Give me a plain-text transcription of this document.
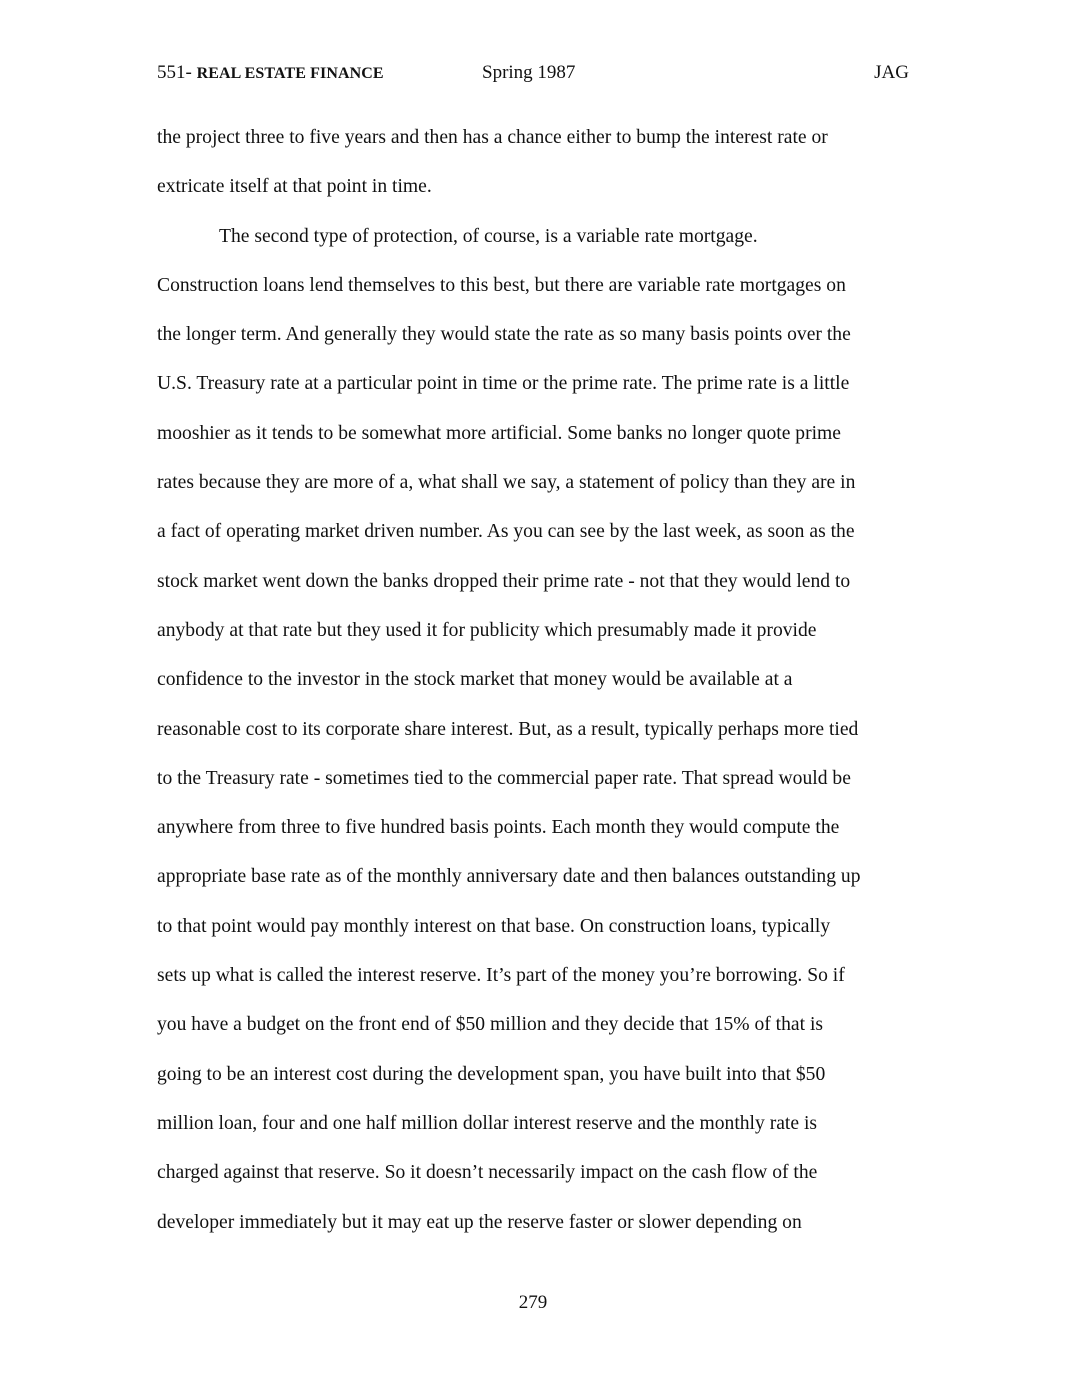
551- REAL ESTATE FINANCE	Spring 1987	JAG
the project three to five years and then has a chance either to bump the interest rate or
extricate itself at that point in time.
The second type of protection, of course, is a variable rate mortgage.
Construction loans lend themselves to this best, but there are variable rate mortgages on
the longer term. And generally they would state the rate as so many basis points over the
U.S. Treasury rate at a particular point in time or the prime rate. The prime rate is a little
mooshier as it tends to be somewhat more artificial. Some banks no longer quote prime
rates because they are more of a, what shall we say, a statement of policy than they are in
a fact of operating market driven number. As you can see by the last week, as soon as the
stock market went down the banks dropped their prime rate - not that they would lend to
anybody at that rate but they used it for publicity which presumably made it provide
confidence to the investor in the stock market that money would be available at a
reasonable cost to its corporate share interest. But, as a result, typically perhaps more tied
to the Treasury rate - sometimes tied to the commercial paper rate. That spread would be
anywhere from three to five hundred basis points. Each month they would compute the
appropriate base rate as of the monthly anniversary date and then balances outstanding up
to that point would pay monthly interest on that base. On construction loans, typically
sets up what is called the interest reserve. It’s part of the money you’re borrowing. So if
you have a budget on the front end of $50 million and they decide that 15% of that is
going to be an interest cost during the development span, you have built into that $50
million loan, four and one half million dollar interest reserve and the monthly rate is
charged against that reserve. So it doesn’t necessarily impact on the cash flow of the
developer immediately but it may eat up the reserve faster or slower depending on
279
